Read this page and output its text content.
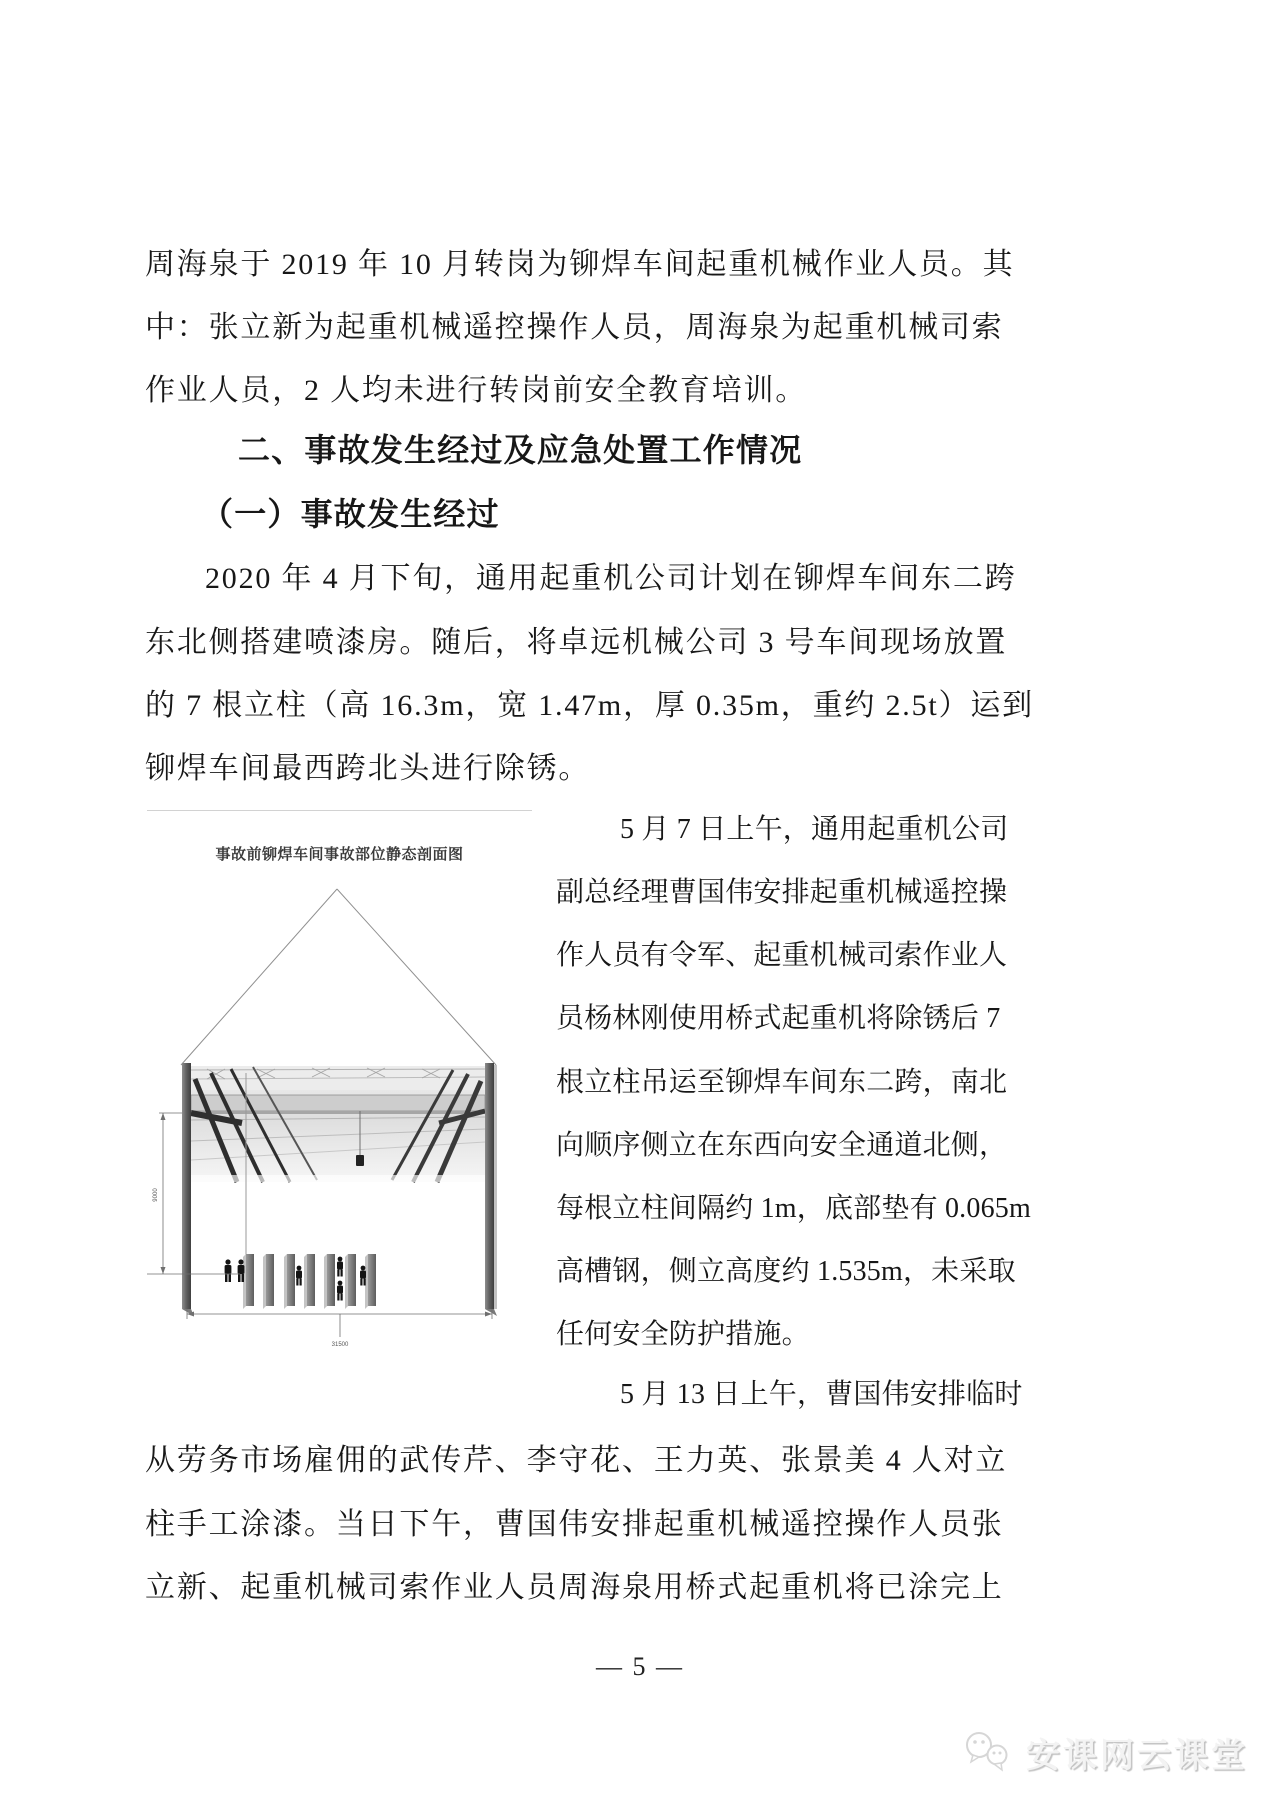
周海泉于 2019 年 10 月转岗为铆焊车间起重机械作业人员。其
中：张立新为起重机械遥控操作人员，周海泉为起重机械司索
作业人员，2 人均未进行转岗前安全教育培训。
二、事故发生经过及应急处置工作情况
（一）事故发生经过
2020 年 4 月下旬，通用起重机公司计划在铆焊车间东二跨
东北侧搭建喷漆房。随后，将卓远机械公司 3 号车间现场放置
的 7 根立柱（高 16.3m，宽 1.47m，厚 0.35m，重约 2.5t）运到
铆焊车间最西跨北头进行除锈。
5 月 7 日上午，通用起重机公司
副总经理曹国伟安排起重机械遥控操
作人员有令军、起重机械司索作业人
员杨林刚使用桥式起重机将除锈后 7
根立柱吊运至铆焊车间东二跨，南北
向顺序侧立在东西向安全通道北侧，
每根立柱间隔约 1m，底部垫有 0.065m
高槽钢，侧立高度约 1.535m，未采取
任何安全防护措施。
5 月 13 日上午，曹国伟安排临时
从劳务市场雇佣的武传芹、李守花、王力英、张景美 4 人对立
柱手工涂漆。当日下午，曹国伟安排起重机械遥控操作人员张
立新、起重机械司索作业人员周海泉用桥式起重机将已涂完上
事故前铆焊车间事故部位静态剖面图
9000
31500
— 5 —
安课网云课堂
